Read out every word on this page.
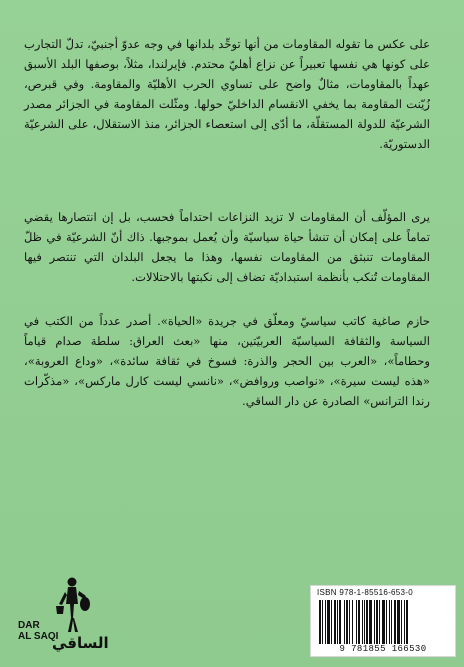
على عكس ما تقوله المقاومات من أنها توحِّد بلدانها في وجه عدوّ أجنبيّ، تدلّ التجارب على كونها هي نفسها تعبيراً عن نزاع أهليّ محتدم. فإيرلندا، مثلاً، بوصفها البلد الأسبق عهداً بالمقاومات، مثالٌ واضح على تساوي الحرب الأهليّة والمقاومة. وفي قبرص، زُيّنت المقاومة بما يخفي الانقسام الداخليّ حولها. ومثّلت المقاومة في الجزائر مصدر الشرعيّة للدولة المستقلّة، ما أدّى إلى استعصاء الجزائر، منذ الاستقلال، على الشرعيّة الدستوريّة.

يرى المؤلّف أن المقاومات لا تزيد النزاعات احتداماً فحسب، بل إن انتصارها يقضي تماماً على إمكان أن تنشأ حياة سياسيّة وأن يُعمل بموجبها. ذاك أنّ الشرعيّة في ظلّ المقاومات تنبثق من المقاومات نفسها، وهذا ما يجعل البلدان التي تنتصر فيها المقاومات تُنكب بأنظمة استبداديّة تضاف إلى نكبتها بالاحتلالات.

حازم صاغية كاتب سياسيّ ومعلّق في جريدة «الحياة». أصدر عدداً من الكتب في السياسة والثقافة السياسيّة العربيّتين، منها «بعث العراق: سلطة صدام قياماً وحطاماً»، «العرب بين الحجر والذرة: فسوخ في ثقافة سائدة»، «وداع العروبة»، «هذه ليست سيرة»، «نواصب وروافض»، «نانسي ليست كارل ماركس»، «مذكّرات رندا الترانس» الصادرة عن دار الساقي.

DAR
AL SAQI
الساقي
ISBN 978-1-85516-653-0
9 781855 166530
